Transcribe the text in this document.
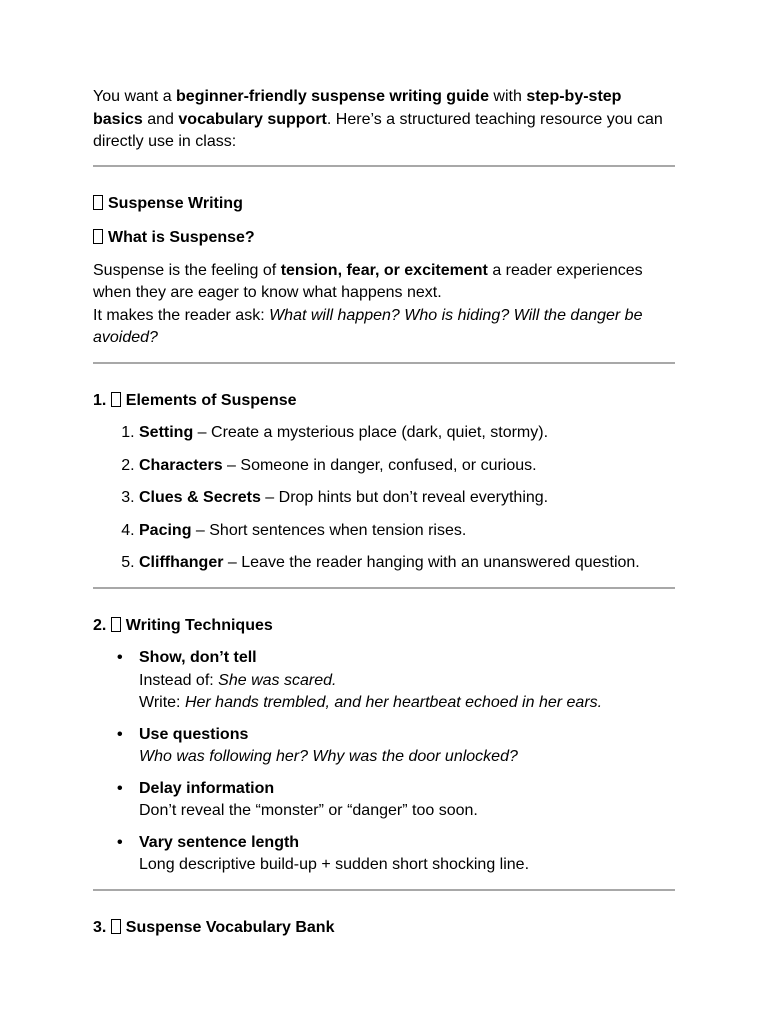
You want a beginner-friendly suspense writing guide with step-by-step basics and vocabulary support. Here’s a structured teaching resource you can directly use in class:

Suspense Writing

What is Suspense?

Suspense is the feeling of tension, fear, or excitement a reader experiences when they are eager to know what happens next.
It makes the reader ask: What will happen? Who is hiding? Will the danger be avoided?

1. Elements of Suspense

1. Setting – Create a mysterious place (dark, quiet, stormy).
2. Characters – Someone in danger, confused, or curious.
3. Clues & Secrets – Drop hints but don’t reveal everything.
4. Pacing – Short sentences when tension rises.
5. Cliffhanger – Leave the reader hanging with an unanswered question.

2. Writing Techniques

• Show, don’t tell
Instead of: She was scared.
Write: Her hands trembled, and her heartbeat echoed in her ears.
• Use questions
Who was following her? Why was the door unlocked?
• Delay information
Don’t reveal the “monster” or “danger” too soon.
• Vary sentence length
Long descriptive build-up + sudden short shocking line.

3. Suspense Vocabulary Bank
